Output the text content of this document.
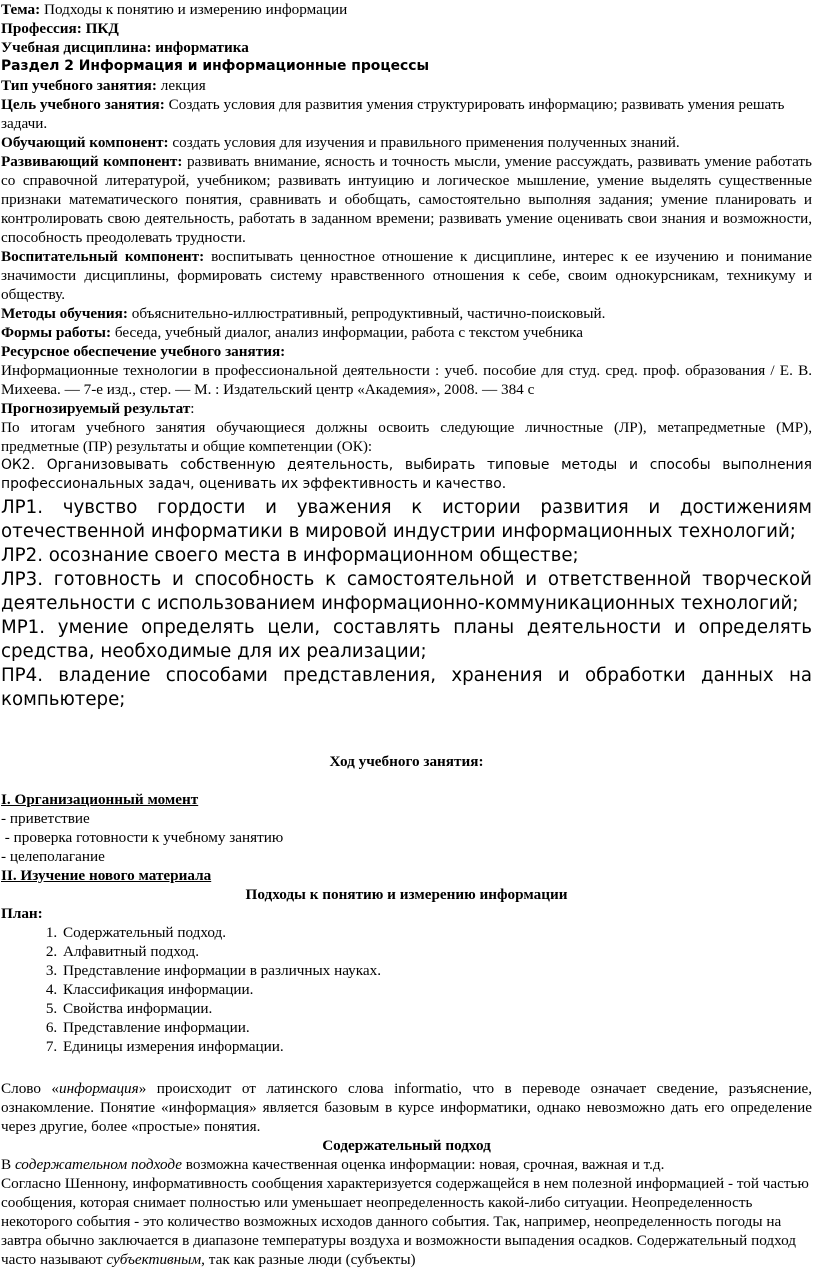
Тема: Подходы к понятию и измерению информации

Профессия: ПКД

Учебная дисциплина: информатика

Раздел 2 Информация и информационные процессы

Тип учебного занятия: лекция

Цель учебного занятия: Создать условия для развития умения структурировать информацию; развивать умения решать задачи.

Обучающий компонент: создать условия для изучения и правильного применения полученных знаний.

Развивающий компонент: развивать внимание, ясность и точность мысли, умение рассуждать, развивать умение работать со справочной литературой, учебником; развивать интуицию и логическое мышление, умение выделять существенные признаки математического понятия, сравнивать и обобщать, самостоятельно выполняя задания; умение планировать и контролировать свою деятельность, работать в заданном времени; развивать умение оценивать свои знания и возможности, способность преодолевать трудности.

Воспитательный компонент: воспитывать ценностное отношение к дисциплине, интерес к ее изучению и понимание значимости дисциплины, формировать систему нравственного отношения к себе, своим однокурсникам, техникуму и обществу.

Методы обучения: объяснительно-иллюстративный, репродуктивный, частично-поисковый.

Формы работы: беседа, учебный диалог, анализ информации, работа с текстом учебника

Ресурсное обеспечение учебного занятия:

Информационные технологии в профессиональной деятельности : учеб. пособие для студ. сред. проф. образования / Е. В. Михеева. — 7-е изд., стер. — М. : Издательский центр «Академия», 2008. — 384 с

Прогнозируемый результат:

По итогам учебного занятия обучающиеся должны освоить следующие личностные (ЛР), метапредметные (МР), предметные (ПР) результаты и общие компетенции (ОК):

ОК2. Организовывать собственную деятельность, выбирать типовые методы и способы выполнения профессиональных задач, оценивать их эффективность и качество.

ЛР1. чувство гордости и уважения к истории развития и достижениям отечественной информатики в мировой индустрии информационных технологий;

ЛР2. осознание своего места в информационном обществе;

ЛР3. готовность и способность к самостоятельной и ответственной творческой деятельности с использованием информационно-коммуникационных технологий;

МР1. умение определять цели, составлять планы деятельности и определять средства, необходимые для их реализации;

ПР4. владение способами представления, хранения и обработки данных на компьютере;

Ход учебного занятия:

I. Организационный момент

- приветствие

- проверка готовности к учебному занятию

- целеполагание

II. Изучение нового материала

Подходы к понятию и измерению информации

План:

1. Содержательный подход.
2. Алфавитный подход.
3. Представление информации в различных науках.
4. Классификация информации.
5. Свойства информации.
6. Представление информации.
7. Единицы измерения информации.

Слово «информация» происходит от латинского слова informatio, что в переводе означает сведение, разъяснение, ознакомление. Понятие «информация» является базовым в курсе информатики, однако невозможно дать его определение через другие, более «простые» понятия.

Содержательный подход

В содержательном подходе возможна качественная оценка информации: новая, срочная, важная и т.д.

Согласно Шеннону, информативность сообщения характеризуется содержащейся в нем полезной информацией - той частью сообщения, которая снимает полностью или уменьшает неопределенность какой-либо ситуации. Неопределенность некоторого события - это количество возможных исходов данного события. Так, например, неопределенность погоды на завтра обычно заключается в диапазоне температуры воздуха и возможности выпадения осадков. Содержательный подход часто называют субъективным, так как разные люди (субъекты)
